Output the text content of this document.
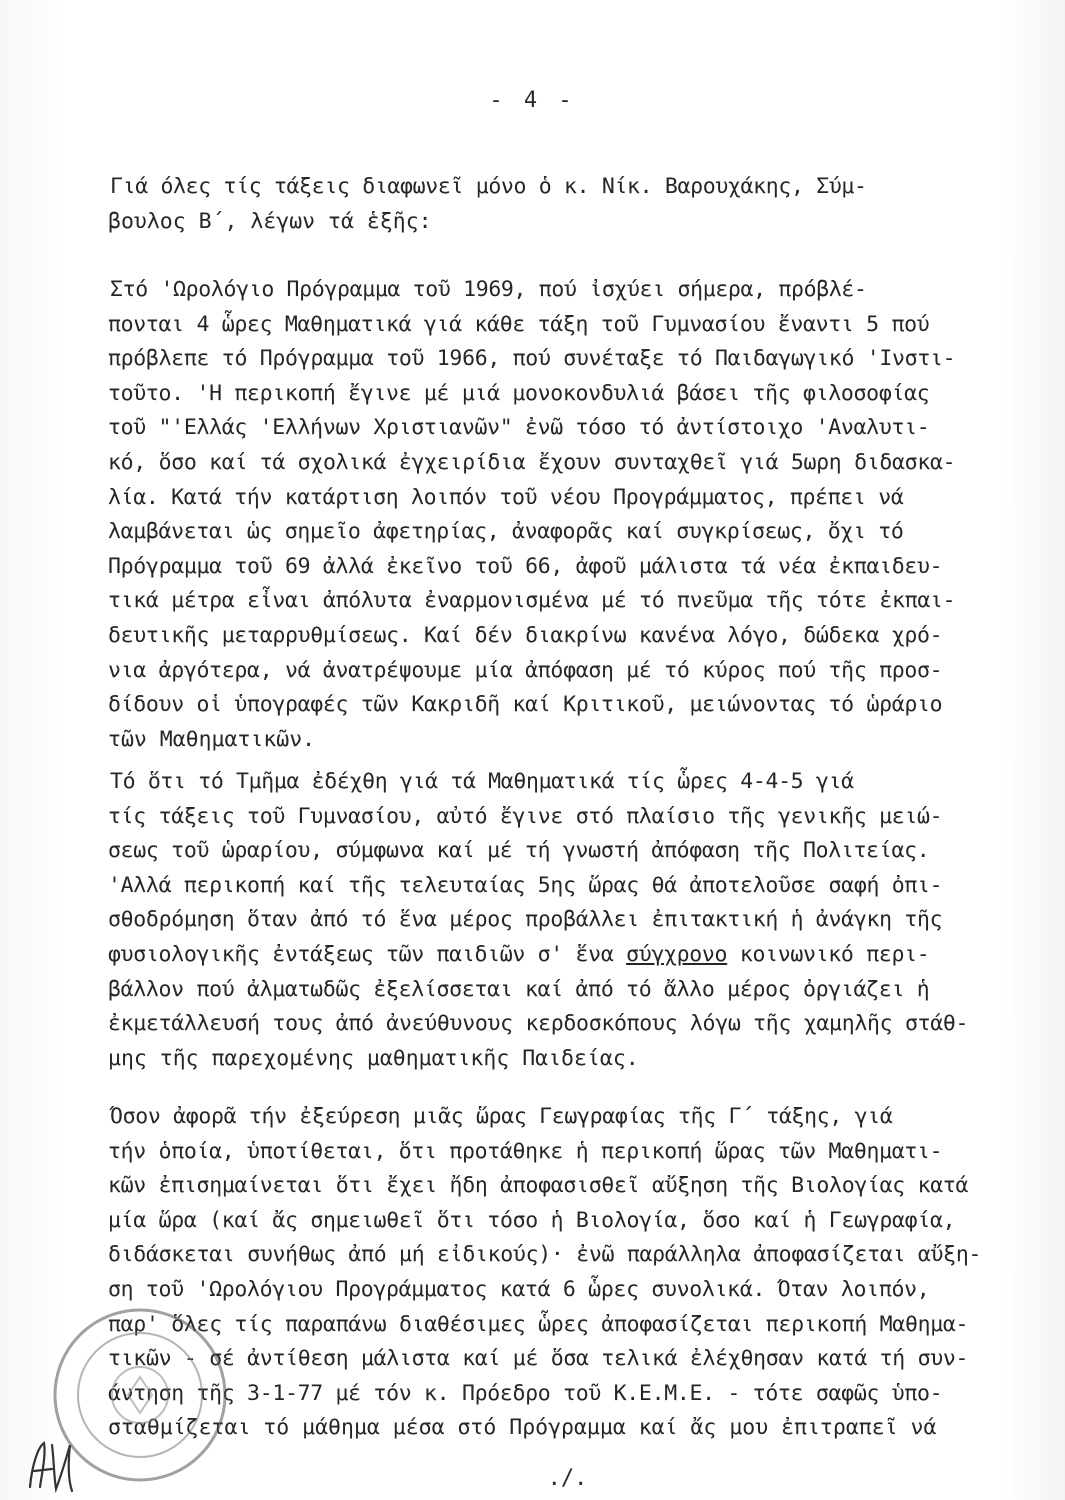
- 4 -
Γιά όλες τίς τάξεις διαφωνεῖ μόνο ὁ κ. Νίκ. Βαρουχάκης, Σύμ-
βουλος Β΄, λέγων τά ἑξῆς:
Στό 'Ωρολόγιο Πρόγραμμα τοῦ 1969, πού ἰσχύει σήμερα, πρόβλέ-
πονται 4 ὧρες Μαθηματικά γιά κάθε τάξη τοῦ Γυμνασίου ἔναντι 5 πού
πρόβλεπε τό Πρόγραμμα τοῦ 1966, πού συνέταξε τό Παιδαγωγικό 'Ινστι-
τοῦτο. 'Η περικοπή ἔγινε μέ μιά μονοκονδυλιά βάσει τῆς φιλοσοφίας
τοῦ "'Ελλάς 'Ελλήνων Χριστιανῶν" ἐνῶ τόσο τό ἀντίστοιχο 'Αναλυτι-
κό, ὅσο καί τά σχολικά ἐγχειρίδια ἔχουν συνταχθεῖ γιά 5ωρη διδασκα-
λία. Κατά τήν κατάρτιση λοιπόν τοῦ νέου Προγράμματος, πρέπει νά
λαμβάνεται ὡς σημεῖο ἀφετηρίας, ἀναφορᾶς καί συγκρίσεως, ὄχι τό
Πρόγραμμα τοῦ 69 ἀλλά ἐκεῖνο τοῦ 66, ἀφοῦ μάλιστα τά νέα ἐκπαιδευ-
τικά μέτρα εἶναι ἀπόλυτα ἐναρμονισμένα μέ τό πνεῦμα τῆς τότε ἐκπαι-
δευτικῆς μεταρρυθμίσεως. Καί δέν διακρίνω κανένα λόγο, δώδεκα χρό-
νια ἀργότερα, νά ἀνατρέψουμε μία ἀπόφαση μέ τό κύρος πού τῆς προσ-
δίδουν οἱ ὑπογραφές τῶν Κακριδῆ καί Κριτικοῦ, μειώνοντας τό ὡράριο
τῶν Μαθηματικῶν.
Τό ὅτι τό Τμῆμα ἐδέχθη γιά τά Μαθηματικά τίς ὧρες 4-4-5 γιά
τίς τάξεις τοῦ Γυμνασίου, αὐτό ἔγινε στό πλαίσιο τῆς γενικῆς μειώ-
σεως τοῦ ὡραρίου, σύμφωνα καί μέ τή γνωστή ἀπόφαση τῆς Πολιτείας.
'Αλλά περικοπή καί τῆς τελευταίας 5ης ὥρας θά ἀποτελοῦσε σαφή ὀπι-
σθοδρόμηση ὅταν ἀπό τό ἕνα μέρος προβάλλει ἐπιτακτική ἡ ἀνάγκη τῆς
φυσιολογικῆς ἐντάξεως τῶν παιδιῶν σ' ἕνα σύγχρονο κοινωνικό περι-
βάλλον πού ἀλματωδῶς ἐξελίσσεται καί ἀπό τό ἄλλο μέρος ὀργιάζει ἡ
ἐκμετάλλευσή τους ἀπό ἀνεύθυνους κερδοσκόπους λόγω τῆς χαμηλῆς στάθ-
μης τῆς παρεχομένης μαθηματικῆς Παιδείας.
Όσον ἀφορᾶ τήν ἐξεύρεση μιᾶς ὥρας Γεωγραφίας τῆς Γ΄ τάξης, γιά
τήν ὁποία, ὑποτίθεται, ὅτι προτάθηκε ἡ περικοπή ὥρας τῶν Μαθηματι-
κῶν ἐπισημαίνεται ὅτι ἔχει ἤδη ἀποφασισθεῖ αὔξηση τῆς Βιολογίας κατά
μία ὥρα (καί ἄς σημειωθεῖ ὅτι τόσο ἡ Βιολογία, ὅσο καί ἡ Γεωγραφία,
διδάσκεται συνήθως ἀπό μή εἰδικούς)· ἐνῶ παράλληλα ἀποφασίζεται αὔξη-
ση τοῦ 'Ωρολόγιου Προγράμματος κατά 6 ὧρες συνολικά. Όταν λοιπόν,
παρ' ὅλες τίς παραπάνω διαθέσιμες ὧρες ἀποφασίζεται περικοπή Μαθημα-
τικῶν - σέ ἀντίθεση μάλιστα καί μέ ὅσα τελικά ἐλέχθησαν κατά τή συν-
άντηση τῆς 3-1-77 μέ τόν κ. Πρόεδρο τοῦ Κ.Ε.Μ.Ε. - τότε σαφῶς ὑπο-
σταθμίζεται τό μάθημα μέσα στό Πρόγραμμα καί ἄς μου ἐπιτραπεῖ νά
./.
